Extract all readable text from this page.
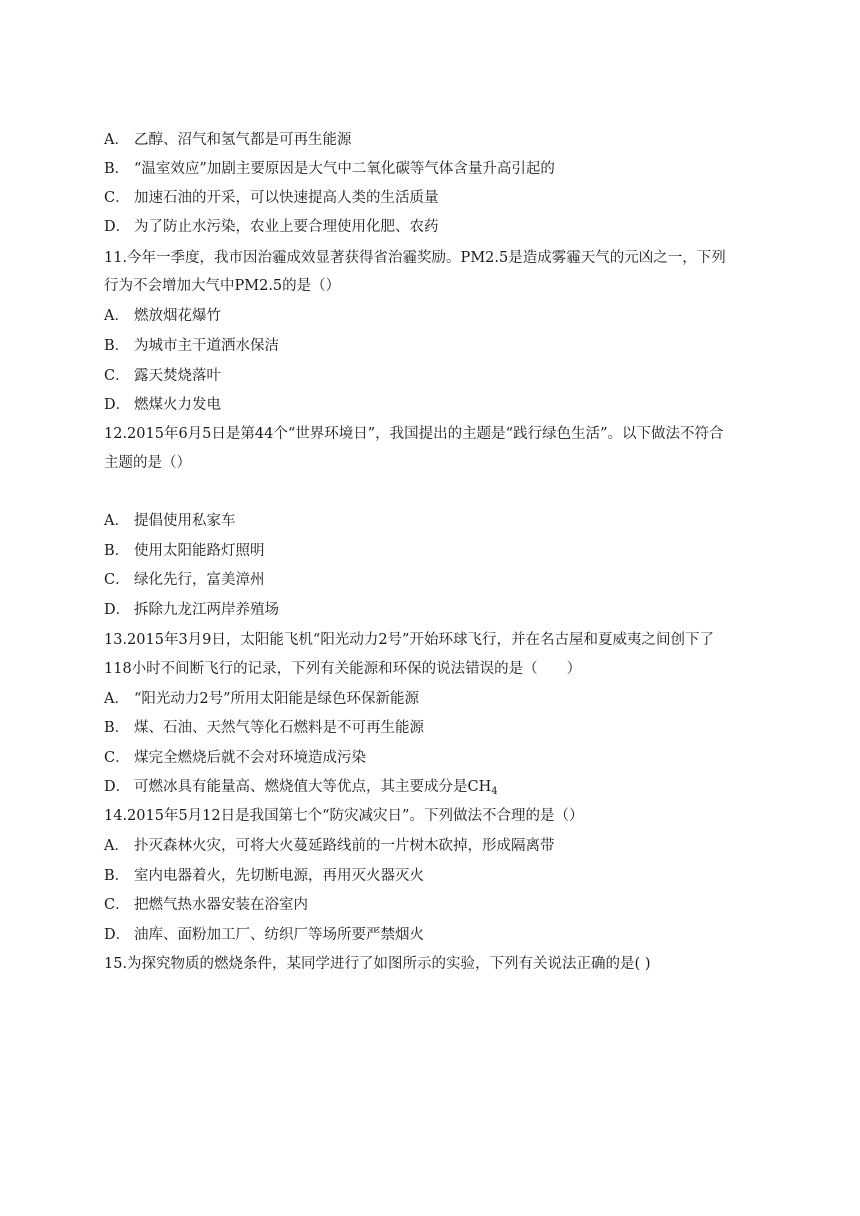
A． 乙醇、沼气和氢气都是可再生能源
B． “温室效应”加剧主要原因是大气中二氧化碳等气体含量升高引起的
C． 加速石油的开采，可以快速提高人类的生活质量
D． 为了防止水污染，农业上要合理使用化肥、农药
11.今年一季度，我市因治霾成效显著获得省治霾奖励。PM2.5是造成雾霾天气的元凶之一，下列
行为不会增加大气中PM2.5的是（）
A． 燃放烟花爆竹
B． 为城市主干道洒水保洁
C． 露天焚烧落叶
D． 燃煤火力发电
12.2015年6月5日是第44个“世界环境日”，我国提出的主题是“践行绿色生活”。以下做法不符合
主题的是（）
A． 提倡使用私家车
B． 使用太阳能路灯照明
C． 绿化先行，富美漳州
D． 拆除九龙江两岸养殖场
13.2015年3月9日，太阳能飞机“阳光动力2号”开始环球飞行，并在名古屋和夏威夷之间创下了
118小时不间断飞行的记录，下列有关能源和环保的说法错误的是（　　）
A． “阳光动力2号”所用太阳能是绿色环保新能源
B． 煤、石油、天然气等化石燃料是不可再生能源
C． 煤完全燃烧后就不会对环境造成污染
D． 可燃冰具有能量高、燃烧值大等优点，其主要成分是$CH_4$
14.2015年5月12日是我国第七个“防灾减灾日”。下列做法不合理的是（）
A． 扑灭森林火灾，可将大火蔓延路线前的一片树木砍掉，形成隔离带
B． 室内电器着火，先切断电源，再用灭火器灭火
C． 把燃气热水器安装在浴室内
D． 油库、面粉加工厂、纺织厂等场所要严禁烟火
15.为探究物质的燃烧条件，某同学进行了如图所示的实验，下列有关说法正确的是( )
